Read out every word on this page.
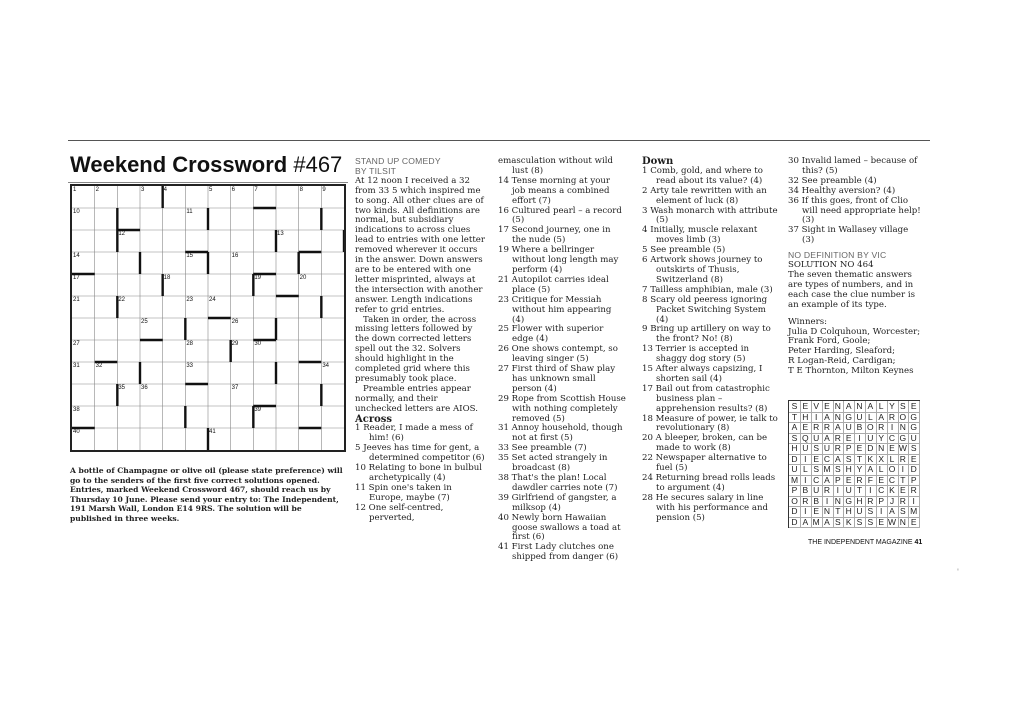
Weekend Crossword #467
1	2	3	4	5	6	7	8	9
10	11
12	13
14	15	16
17	18	19	20
21	22	23	24
25	26
27	28	29	30
31	32	33	34
35	36	37
38	39
40	41
A bottle of Champagne or olive oil (please state preference) will go to the senders of the first five correct solutions opened. Entries, marked Weekend Crossword 467, should reach us by Thursday 10 June. Please send your entry to: The Independent, 191 Marsh Wall, London E14 9RS. The solution will be published in three weeks.

STAND UP COMEDY

BY TILSIT

At 12 noon I received a 32 from 33 5 which inspired me to song. All other clues are of two kinds. All definitions are normal, but subsidiary indications to across clues lead to entries with one letter removed wherever it occurs in the answer. Down answers are to be entered with one letter misprinted, always at the intersection with another answer. Length indications refer to grid entries.

Taken in order, the across missing letters followed by the down corrected letters spell out the 32. Solvers should highlight in the completed grid where this presumably took place.

Preamble entries appear normally, and their unchecked letters are AIOS.

Across

1 Reader, I made a mess of him! (6)

5 Jeeves has time for gent, a determined competitor (6)

10 Relating to bone in bulbul archetypically (4)

11 Spin one's taken in Europe, maybe (7)

12 One self-centred, perverted,

emasculation without wild lust (8)

14 Tense morning at your job means a combined effort (7)

16 Cultured pearl – a record (5)

17 Second journey, one in the nude (5)

19 Where a bellringer without long length may perform (4)

21 Autopilot carries ideal place (5)

23 Critique for Messiah without him appearing (4)

25 Flower with superior edge (4)

26 One shows contempt, so leaving singer (5)

27 First third of Shaw play has unknown small person (4)

29 Rope from Scottish House with nothing completely removed (5)

31 Annoy household, though not at first (5)

33 See preamble (7)

35 Set acted strangely in broadcast (8)

38 That's the plan! Local dawdler carries note (7)

39 Girlfriend of gangster, a milksop (4)

40 Newly born Hawaiian goose swallows a toad at first (6)

41 First Lady clutches one shipped from danger (6)

Down

1 Comb, gold, and where to read about its value? (4)

2 Arty tale rewritten with an element of luck (8)

3 Wash monarch with attribute (5)

4 Initially, muscle relaxant moves limb (3)

5 See preamble (5)

6 Artwork shows journey to outskirts of Thusis, Switzerland (8)

7 Tailless amphibian, male (3)

8 Scary old peeress ignoring Packet Switching System (4)

9 Bring up artillery on way to the front? No! (8)

13 Terrier is accepted in shaggy dog story (5)

15 After always capsizing, I shorten sail (4)

17 Bail out from catastrophic business plan – apprehension results? (8)

18 Measure of power, ie talk to revolutionary (8)

20 A bleeper, broken, can be made to work (8)

22 Newspaper alternative to fuel (5)

24 Returning bread rolls leads to argument (4)

28 He secures salary in line with his performance and pension (5)

30 Invalid lamed – because of this? (5)

32 See preamble (4)

34 Healthy aversion? (4)

36 If this goes, front of Clio will need appropriate help! (3)

37 Sight in Wallasey village (3)

NO DEFINITION BY VIC

SOLUTION NO 464

The seven thematic answers are types of numbers, and in each case the clue number is an example of its type.

Winners:

Julia D Colquhoun, Worcester;

Frank Ford, Goole;

Peter Harding, Sleaford;

R Logan-Reid, Cardigan;

T E Thornton, Milton Keynes

S E V E N A N A L Y S E
T H I A N G U L A R O G
A E R R A U B O R I N G
S Q U A R E I U Y C G U
H U S U R P E D N E W S
D I E C A S T K X L R E
U L S M S H Y A L O I D
M I C A P E R F E C T P
P B U R I U T I C K E R
O R B I N G H R P J R I
D I E N T H U S I A S M
D A M A S K S S E W N E
THE INDEPENDENT MAGAZINE 41
'
